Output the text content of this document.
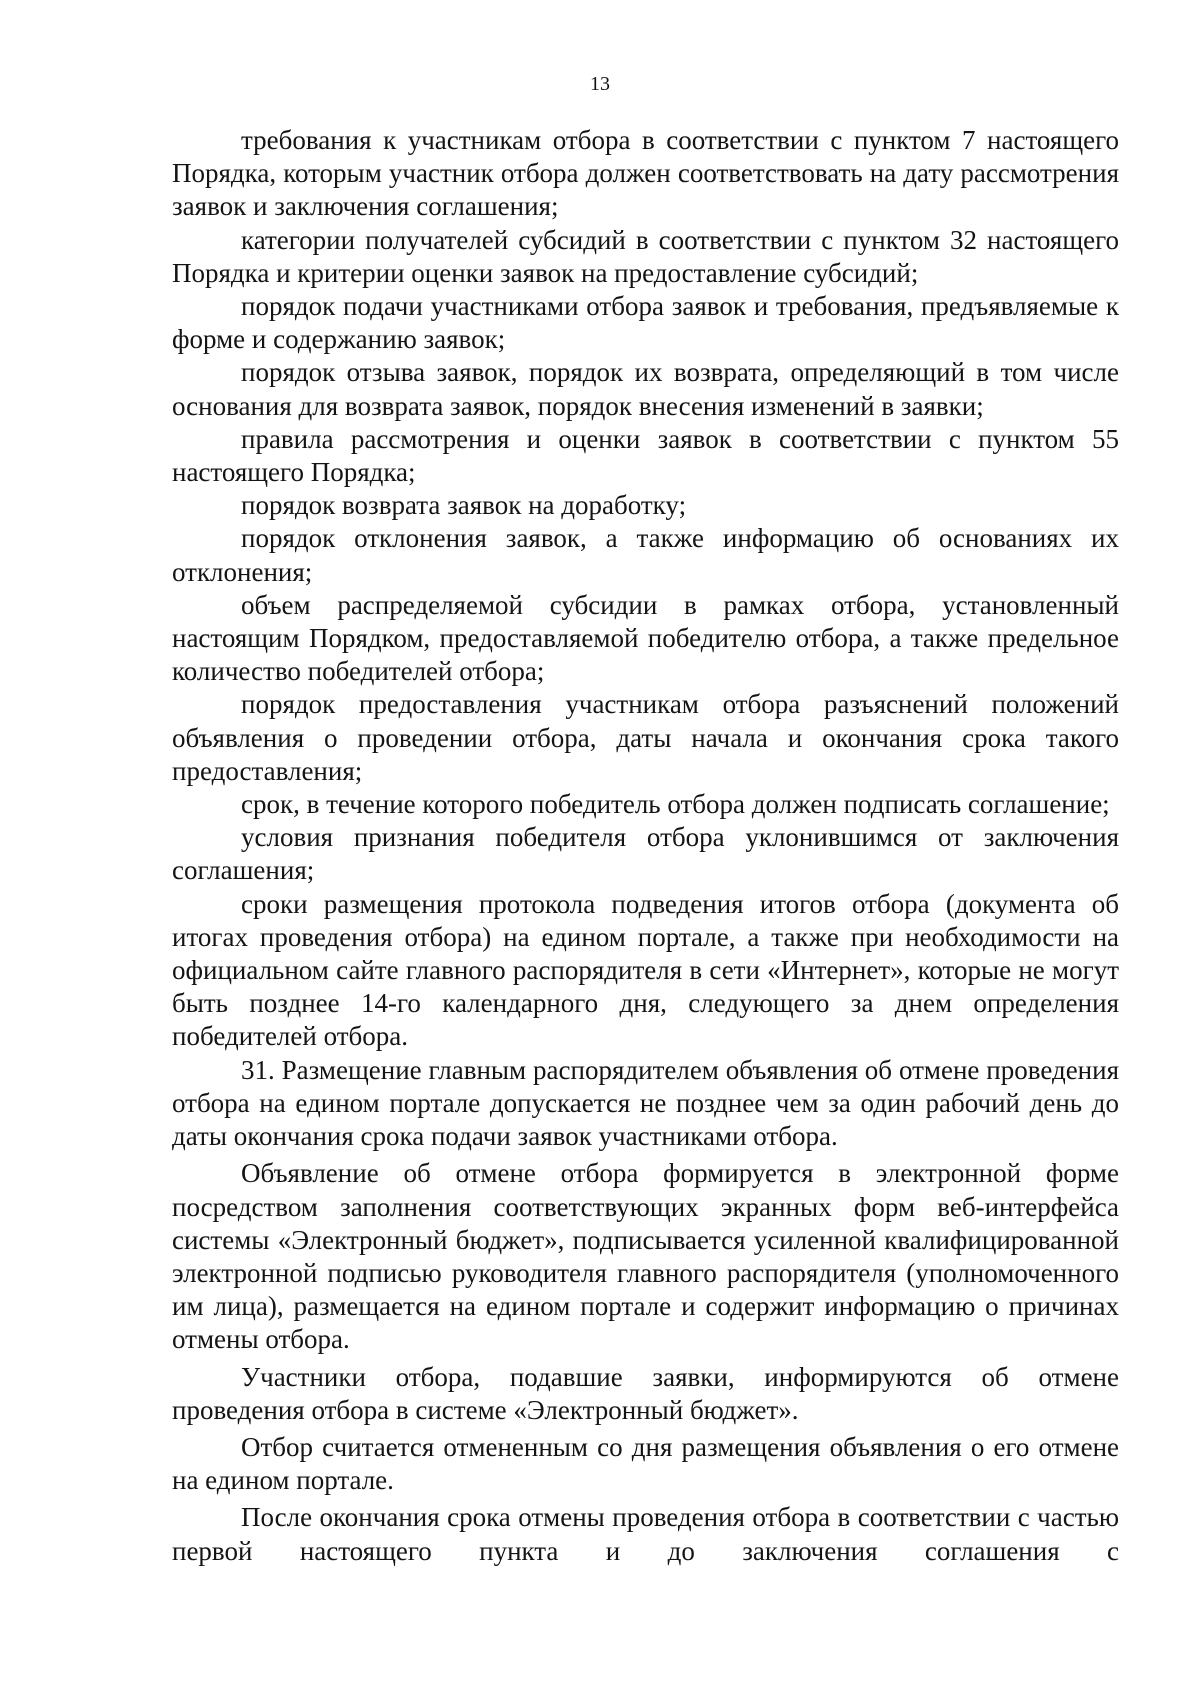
13

требования к участникам отбора в соответствии с пунктом 7 настоящего Порядка, которым участник отбора должен соответствовать на дату рассмотрения заявок и заключения соглашения;

категории получателей субсидий в соответствии с пунктом 32 настоящего Порядка и критерии оценки заявок на предоставление субсидий;

порядок подачи участниками отбора заявок и требования, предъявляемые к форме и содержанию заявок;

порядок отзыва заявок, порядок их возврата, определяющий в том числе основания для возврата заявок, порядок внесения изменений в заявки;

правила рассмотрения и оценки заявок в соответствии с пунктом 55 настоящего Порядка;

порядок возврата заявок на доработку;

порядок отклонения заявок, а также информацию об основаниях их отклонения;

объем распределяемой субсидии в рамках отбора, установленный настоящим Порядком, предоставляемой победителю отбора, а также предельное количество победителей отбора;

порядок предоставления участникам отбора разъяснений положений объявления о проведении отбора, даты начала и окончания срока такого предоставления;

срок, в течение которого победитель отбора должен подписать соглашение;

условия признания победителя отбора уклонившимся от заключения соглашения;

сроки размещения протокола подведения итогов отбора (документа об итогах проведения отбора) на едином портале, а также при необходимости на официальном сайте главного распорядителя в сети «Интернет», которые не могут быть позднее 14-го календарного дня, следующего за днем определения победителей отбора.

31. Размещение главным распорядителем объявления об отмене проведения отбора на едином портале допускается не позднее чем за один рабочий день до даты окончания срока подачи заявок участниками отбора.

Объявление об отмене отбора формируется в электронной форме посредством заполнения соответствующих экранных форм веб-интерфейса системы «Электронный бюджет», подписывается усиленной квалифицированной электронной подписью руководителя главного распорядителя (уполномоченного им лица), размещается на едином портале и содержит информацию о причинах отмены отбора.

Участники отбора, подавшие заявки, информируются об отмене проведения отбора в системе «Электронный бюджет».

Отбор считается отмененным со дня размещения объявления о его отмене на едином портале.

После окончания срока отмены проведения отбора в соответствии с частью первой настоящего пункта и до заключения соглашения с
